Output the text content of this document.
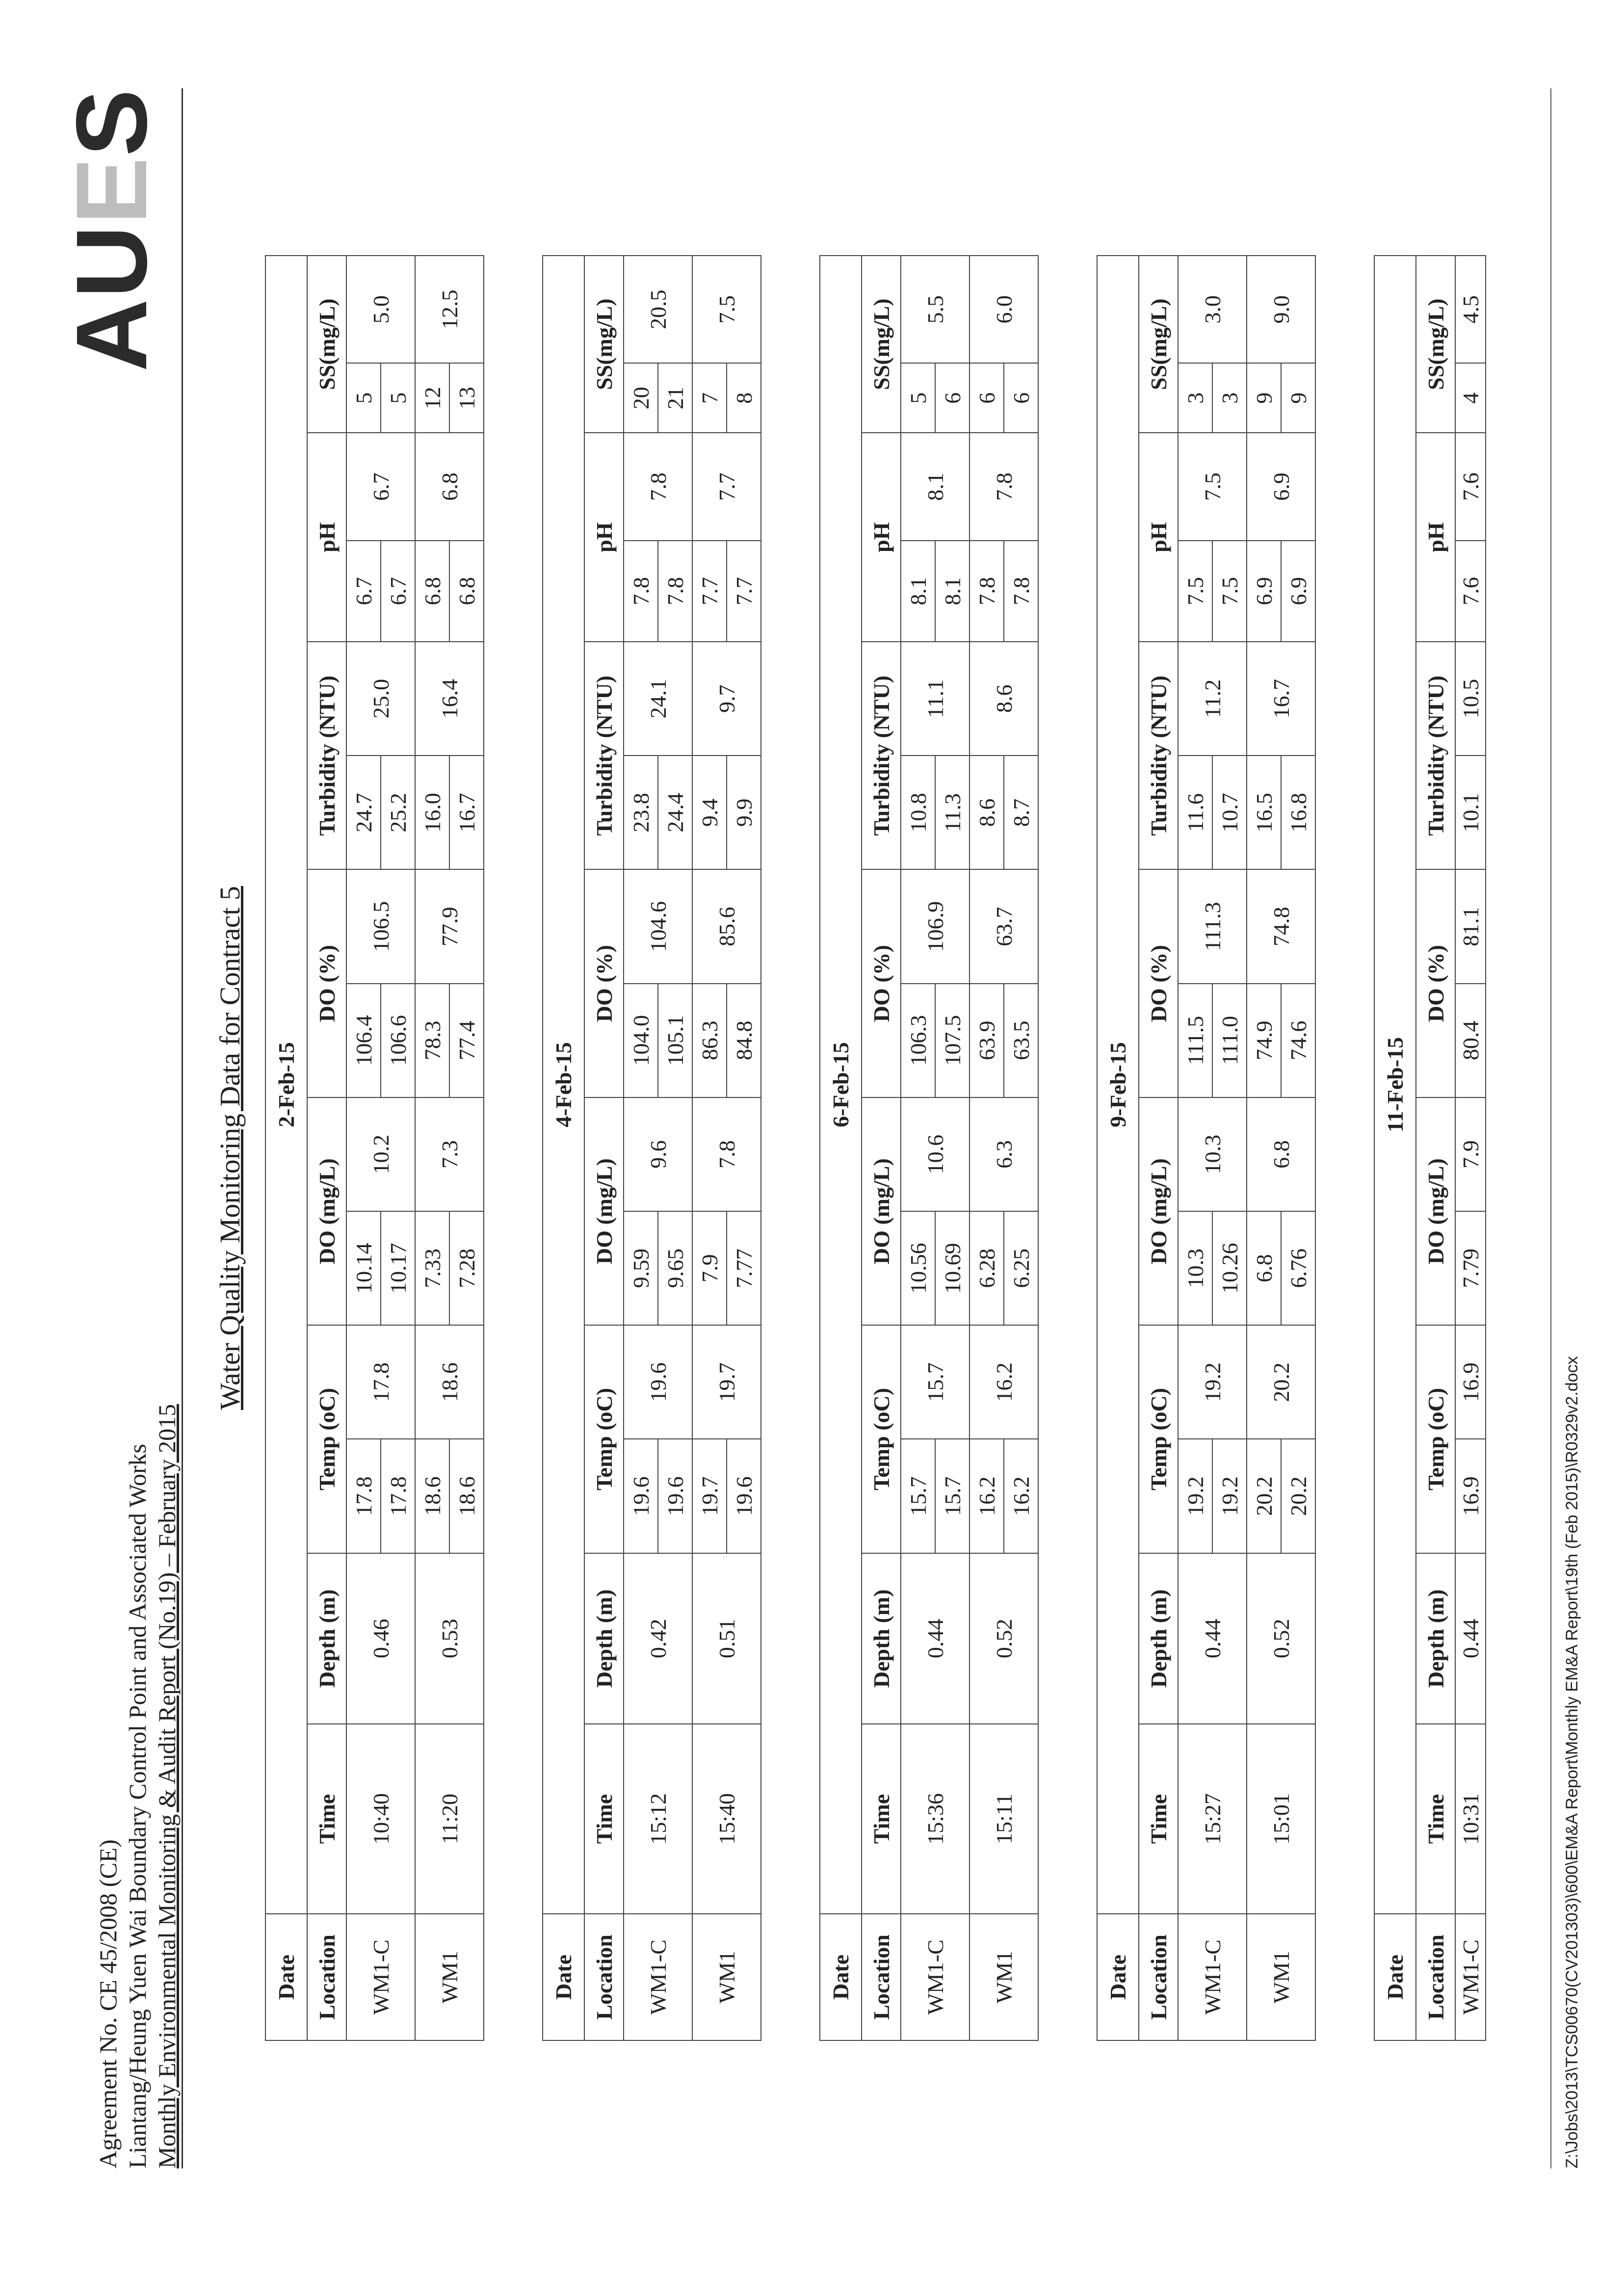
Agreement No. CE 45/2008 (CE) Liantang/Heung Yuen Wai Boundary Control Point and Associated Works Monthly Environmental Monitoring & Audit Report (No.19) – February 2015
AUES
Water Quality Monitoring Data for Contract 5
Date	2-Feb-15													
Location	Time	Depth (m)	Temp (oC)		DO (mg/L)		DO (%)		Turbidity (NTU)		pH		SS(mg/L)	
WM1-C	10:40	0.46	17.8	17.8	10.14	10.2	106.4	106.5	24.7	25.0	6.7	6.7	5	5.0
			17.8		10.17		106.6		25.2		6.7		5	
WM1	11:20	0.53	18.6	18.6	7.33	7.3	78.3	77.9	16.0	16.4	6.8	6.8	12	12.5
			18.6		7.28		77.4		16.7		6.8		13	
Date	4-Feb-15													
Location	Time	Depth (m)	Temp (oC)		DO (mg/L)		DO (%)		Turbidity (NTU)		pH		SS(mg/L)	
WM1-C	15:12	0.42	19.6	19.6	9.59	9.6	104.0	104.6	23.8	24.1	7.8	7.8	20	20.5
			19.6		9.65		105.1		24.4		7.8		21	
WM1	15:40	0.51	19.7	19.7	7.9	7.8	86.3	85.6	9.4	9.7	7.7	7.7	7	7.5
			19.6		7.77		84.8		9.9		7.7		8	
Date	6-Feb-15													
Location	Time	Depth (m)	Temp (oC)		DO (mg/L)		DO (%)		Turbidity (NTU)		pH		SS(mg/L)	
WM1-C	15:36	0.44	15.7	15.7	10.56	10.6	106.3	106.9	10.8	11.1	8.1	8.1	5	5.5
			15.7		10.69		107.5		11.3		8.1		6	
WM1	15:11	0.52	16.2	16.2	6.28	6.3	63.9	63.7	8.6	8.6	7.8	7.8	6	6.0
			16.2		6.25		63.5		8.7		7.8		6	
Date	9-Feb-15													
Location	Time	Depth (m)	Temp (oC)		DO (mg/L)		DO (%)		Turbidity (NTU)		pH		SS(mg/L)	
WM1-C	15:27	0.44	19.2	19.2	10.3	10.3	111.5	111.3	11.6	11.2	7.5	7.5	3	3.0
			19.2		10.26		111.0		10.7		7.5		3	
WM1	15:01	0.52	20.2	20.2	6.8	6.8	74.9	74.8	16.5	16.7	6.9	6.9	9	9.0
			20.2		6.76		74.6		16.8		6.9		9	
Date	11-Feb-15													
Location	Time	Depth (m)	Temp (oC)		DO (mg/L)		DO (%)		Turbidity (NTU)		pH		SS(mg/L)	
WM1-C	10:31	0.44	16.9	16.9	7.79	7.9	80.4	81.1	10.1	10.5	7.6	7.6	4	4.5
Z:\Jobs\2013\TCS00670(CV201303)\600\EM&A Report\Monthly EM&A Report\19th (Feb 2015)\R0329v2.docx
